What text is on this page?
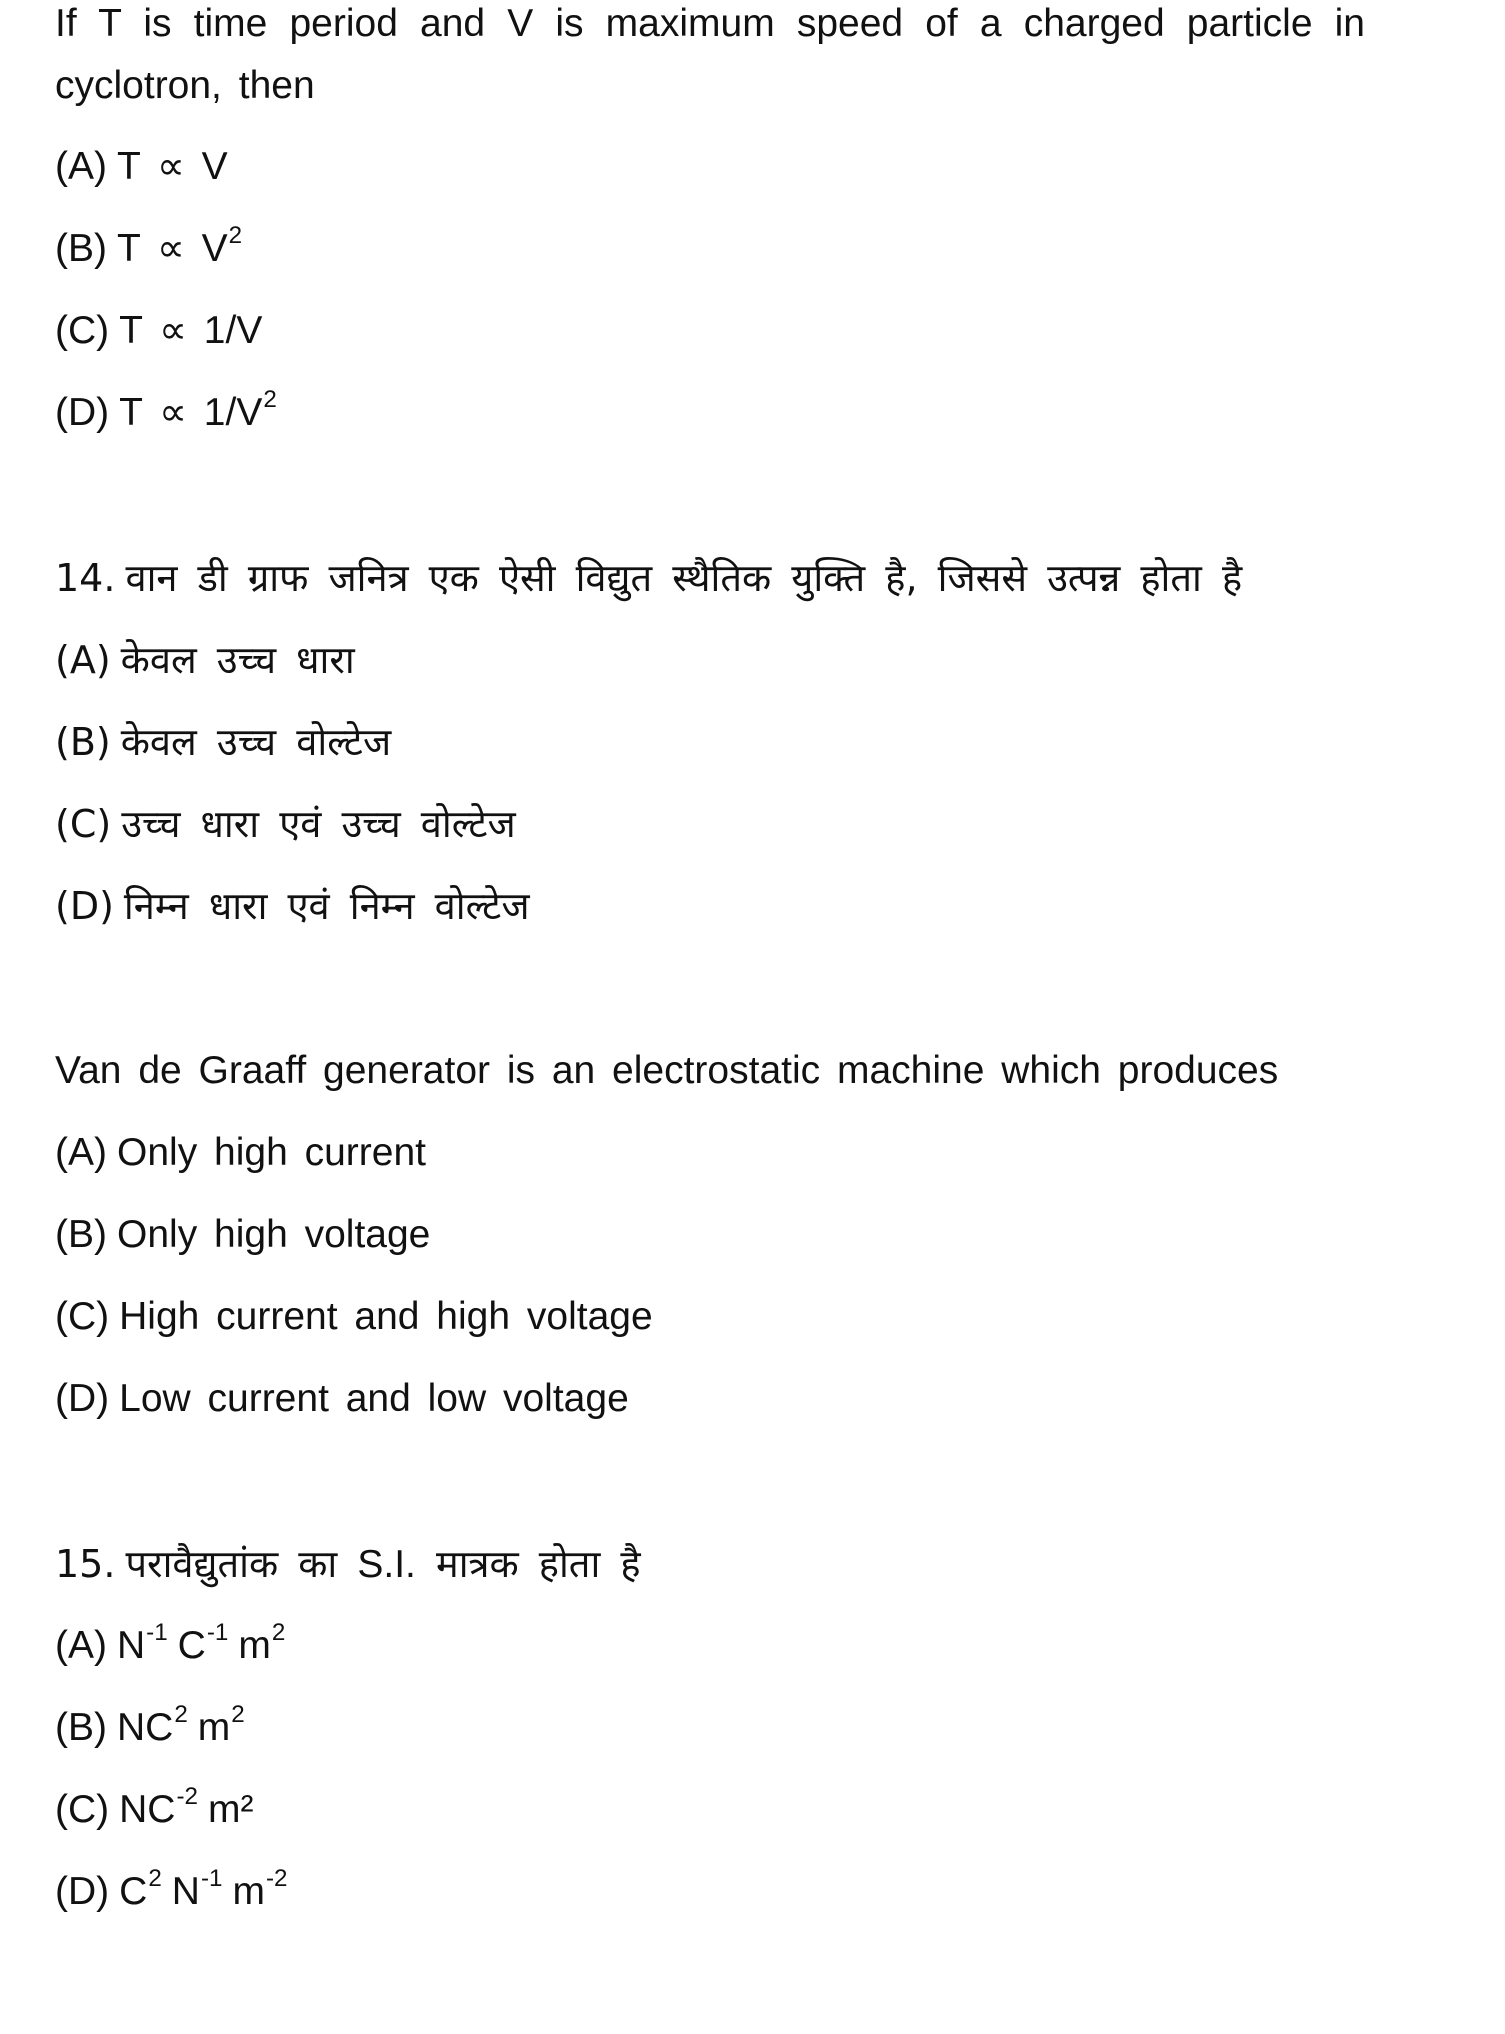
If T is time period and V is maximum speed of a charged particle in
cyclotron, then
(A) T ∝ V
(B) $T \propto V^2$
(C) T ∝ 1/V
(D) $T \propto 1/V^2$
14. वान डी ग्राफ जनित्र एक ऐसी विद्युत स्थैतिक युक्ति है, जिससे उत्पन्न होता है
(A) केवल उच्च धारा
(B) केवल उच्च वोल्टेज
(C) उच्च धारा एवं उच्च वोल्टेज
(D) निम्न धारा एवं निम्न वोल्टेज
Van de Graaff generator is an electrostatic machine which produces
(A) Only high current
(B) Only high voltage
(C) High current and high voltage
(D) Low current and low voltage
15. परावैद्युतांक का S.I. मात्रक होता है
(A) $N^{-1}$ $C^{-1}$ $m^2$
(B) $NC^2$ $m^2$
(C) $NC^{-2}$ m²
(D) $C^2$ $N^{-1}$ $m^{-2}$
